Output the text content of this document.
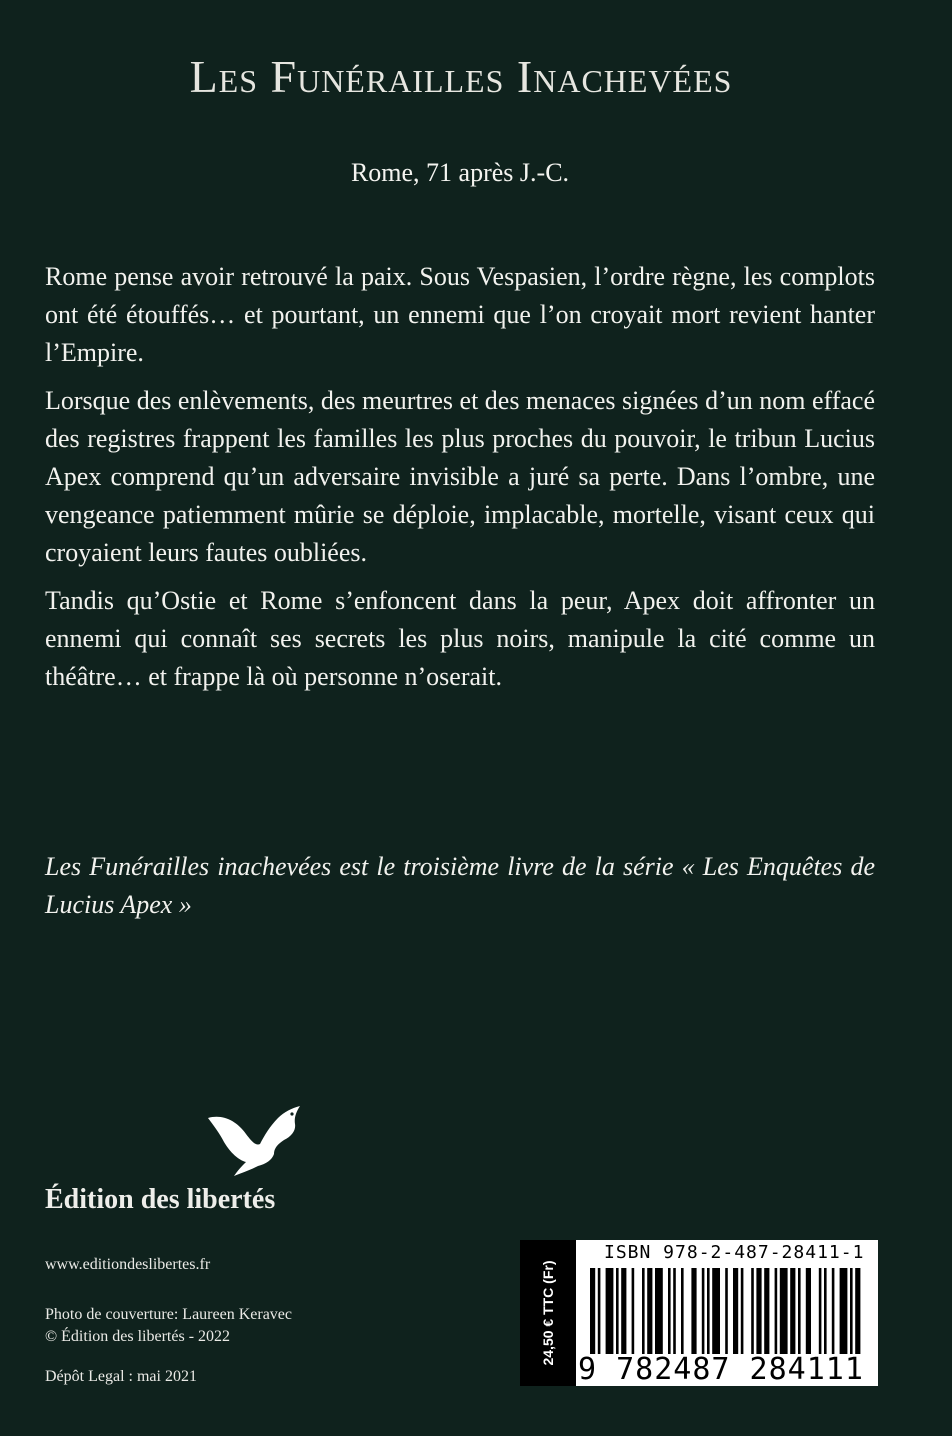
Les Funérailles Inachevées
Rome, 71 après J.-C.

Rome pense avoir retrouvé la paix. Sous Vespasien, l’ordre règne, les complots ont été étouffés… et pourtant, un ennemi que l’on croyait mort revient hanter l’Empire.

Lorsque des enlèvements, des meurtres et des menaces signées d’un nom effacé des registres frappent les familles les plus proches du pouvoir, le tribun Lucius Apex comprend qu’un adversaire invisible a juré sa perte. Dans l’ombre, une vengeance patiemment mûrie se déploie, implacable, mortelle, visant ceux qui croyaient leurs fautes oubliées.

Tandis qu’Ostie et Rome s’enfoncent dans la peur, Apex doit affronter un ennemi qui connaît ses secrets les plus noirs, manipule la cité comme un théâtre… et frappe là où personne n’oserait.

Les Funérailles inachevées est le troisième livre de la série « Les Enquêtes de Lucius Apex »
Édition des libertés
www.editiondeslibertes.fr
Photo de couverture: Laureen Keravec
© Édition des libertés - 2022
Dépôt Legal : mai 2021
24,50 € TTC (Fr)
ISBN 978-2-487-28411-1
9 782487 284111
